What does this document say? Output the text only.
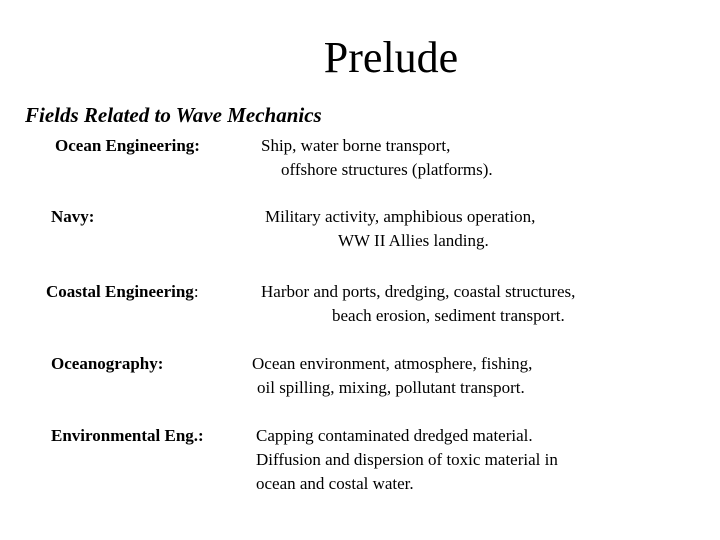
Prelude
Fields Related to Wave Mechanics
Ocean Engineering:	Ship, water borne transport,
offshore structures (platforms).
Navy:	Military activity, amphibious operation,
WW II Allies landing.
Coastal Engineering:	Harbor and ports, dredging, coastal structures,
beach erosion, sediment transport.
Oceanography:	Ocean environment, atmosphere, fishing,
oil spilling, mixing, pollutant transport.
Environmental Eng.:	Capping contaminated dredged material.
Diffusion and dispersion of toxic material in
ocean and costal water.
